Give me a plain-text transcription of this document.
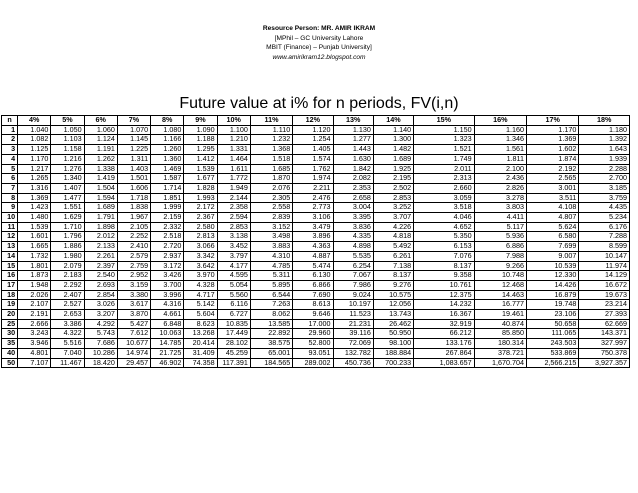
Resource Person: MR. AMIR IKRAM
[MPhil – GC University Lahore
MBIT (Finance) – Punjab University]
www.amirikram12.blogspot.com
Future value at i% for n periods, FV(i,n)
n	4%	5%	6%	7%	8%	9%	10%	11%	12%	13%	14%	15%	16%	17%	18%
1	1.040	1.050	1.060	1.070	1.080	1.090	1.100	1.110	1.120	1.130	1.140	1.150	1.160	1.170	1.180
2	1.082	1.103	1.124	1.145	1.166	1.188	1.210	1.232	1.254	1.277	1.300	1.323	1.346	1.369	1.392
3	1.125	1.158	1.191	1.225	1.260	1.295	1.331	1.368	1.405	1.443	1.482	1.521	1.561	1.602	1.643
4	1.170	1.216	1.262	1.311	1.360	1.412	1.464	1.518	1.574	1.630	1.689	1.749	1.811	1.874	1.939
5	1.217	1.276	1.338	1.403	1.469	1.539	1.611	1.685	1.762	1.842	1.925	2.011	2.100	2.192	2.288
6	1.265	1.340	1.419	1.501	1.587	1.677	1.772	1.870	1.974	2.082	2.195	2.313	2.436	2.565	2.700
7	1.316	1.407	1.504	1.606	1.714	1.828	1.949	2.076	2.211	2.353	2.502	2.660	2.826	3.001	3.185
8	1.369	1.477	1.594	1.718	1.851	1.993	2.144	2.305	2.476	2.658	2.853	3.059	3.278	3.511	3.759
9	1.423	1.551	1.689	1.838	1.999	2.172	2.358	2.558	2.773	3.004	3.252	3.518	3.803	4.108	4.435
10	1.480	1.629	1.791	1.967	2.159	2.367	2.594	2.839	3.106	3.395	3.707	4.046	4.411	4.807	5.234
11	1.539	1.710	1.898	2.105	2.332	2.580	2.853	3.152	3.479	3.836	4.226	4.652	5.117	5.624	6.176
12	1.601	1.796	2.012	2.252	2.518	2.813	3.138	3.498	3.896	4.335	4.818	5.350	5.936	6.580	7.288
13	1.665	1.886	2.133	2.410	2.720	3.066	3.452	3.883	4.363	4.898	5.492	6.153	6.886	7.699	8.599
14	1.732	1.980	2.261	2.579	2.937	3.342	3.797	4.310	4.887	5.535	6.261	7.076	7.988	9.007	10.147
15	1.801	2.079	2.397	2.759	3.172	3.642	4.177	4.785	5.474	6.254	7.138	8.137	9.266	10.539	11.974
16	1.873	2.183	2.540	2.952	3.426	3.970	4.595	5.311	6.130	7.067	8.137	9.358	10.748	12.330	14.129
17	1.948	2.292	2.693	3.159	3.700	4.328	5.054	5.895	6.866	7.986	9.276	10.761	12.468	14.426	16.672
18	2.026	2.407	2.854	3.380	3.996	4.717	5.560	6.544	7.690	9.024	10.575	12.375	14.463	16.879	19.673
19	2.107	2.527	3.026	3.617	4.316	5.142	6.116	7.263	8.613	10.197	12.056	14.232	16.777	19.748	23.214
20	2.191	2.653	3.207	3.870	4.661	5.604	6.727	8.062	9.646	11.523	13.743	16.367	19.461	23.106	27.393
25	2.666	3.386	4.292	5.427	6.848	8.623	10.835	13.585	17.000	21.231	26.462	32.919	40.874	50.658	62.669
30	3.243	4.322	5.743	7.612	10.063	13.268	17.449	22.892	29.960	39.116	50.950	66.212	85.850	111.065	143.371
35	3.946	5.516	7.686	10.677	14.785	20.414	28.102	38.575	52.800	72.069	98.100	133.176	180.314	243.503	327.997
40	4.801	7.040	10.286	14.974	21.725	31.409	45.259	65.001	93.051	132.782	188.884	267.864	378.721	533.869	750.378
50	7.107	11.467	18.420	29.457	46.902	74.358	117.391	184.565	289.002	450.736	700.233	1,083.657	1,670.704	2,566.215	3,927.357
